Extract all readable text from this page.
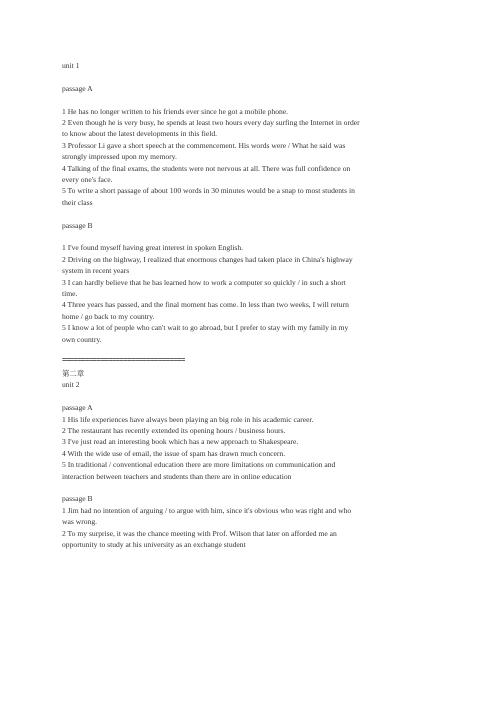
unit 1
passage A
1 He has no longer written to his friends ever since he got a mobile phone.
2 Even though he is very busy, he spends at least two hours every day surfing the Internet in order
to know about the latest developments in this field.
3 Professor Li gave a short speech at the commencement. His words were / What he said was
strongly impressed upon my memory.
4 Talking of the final exams, the students were not nervous at all. There was full confidence on
every one's face.
5 To write a short passage of about 100 words in 30 minutes would be a snap to most students in
their class
passage B
1 I've found myself having great interest in spoken English.
2 Driving on the highway, I realized that enormous changes had taken place in China's highway
system in recent years
3 I can hardly believe that he has learned how to work a computer so quickly / in such a short
time.
4 Three years has passed, and the final moment has come. In less than two weeks, I will return
home / go back to my country.
5 I know a lot of people who can't wait to go abroad, but I prefer to stay with my family in my
own country.
================================
第二章
unit 2
passage A
1 His life experiences have always been playing an big role in his academic career.
2 The restaurant has recently extended its opening hours / business hours.
3 I've just read an interesting book which has a new approach to Shakespeare.
4 With the wide use of email, the issue of spam has drawn much concern.
5 In traditional / conventional education there are more limitations on communication and
interaction between teachers and students than there are in online education
passage B
1 Jim had no intention of arguing / to argue with him, since it's obvious who was right and who
was wrong.
2 To my surprise, it was the chance meeting with Prof. Wilson that later on afforded me an
opportunity to study at his university as an exchange student
